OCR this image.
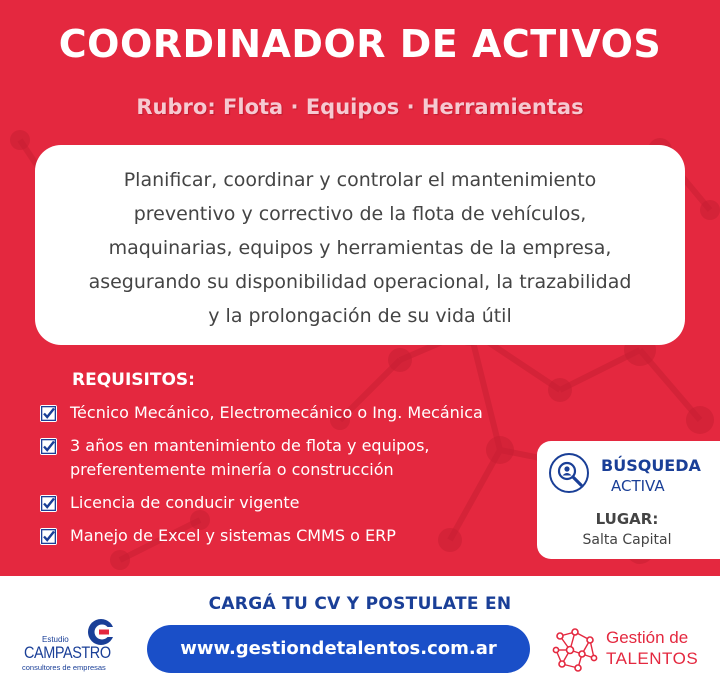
COORDINADOR DE ACTIVOS
Rubro: Flota · Equipos · Herramientas
Planificar, coordinar y controlar el mantenimiento
preventivo y correctivo de la flota de vehículos,
maquinarias, equipos y herramientas de la empresa,
asegurando su disponibilidad operacional, la trazabilidad
y la prolongación de su vida útil
REQUISITOS:
Técnico Mecánico, Electromecánico o Ing. Mecánica
3 años en mantenimiento de flota y equipos,
preferentemente minería o construcción
Licencia de conducir vigente
Manejo de Excel y sistemas CMMS o ERP
BÚSQUEDA
ACTIVA
LUGAR:
Salta Capital
CARGÁ TU CV Y POSTULATE EN
www.gestiondetalentos.com.ar
Estudio
CAMPASTRO
consultores de empresas
Gestión de
TALENTOS
